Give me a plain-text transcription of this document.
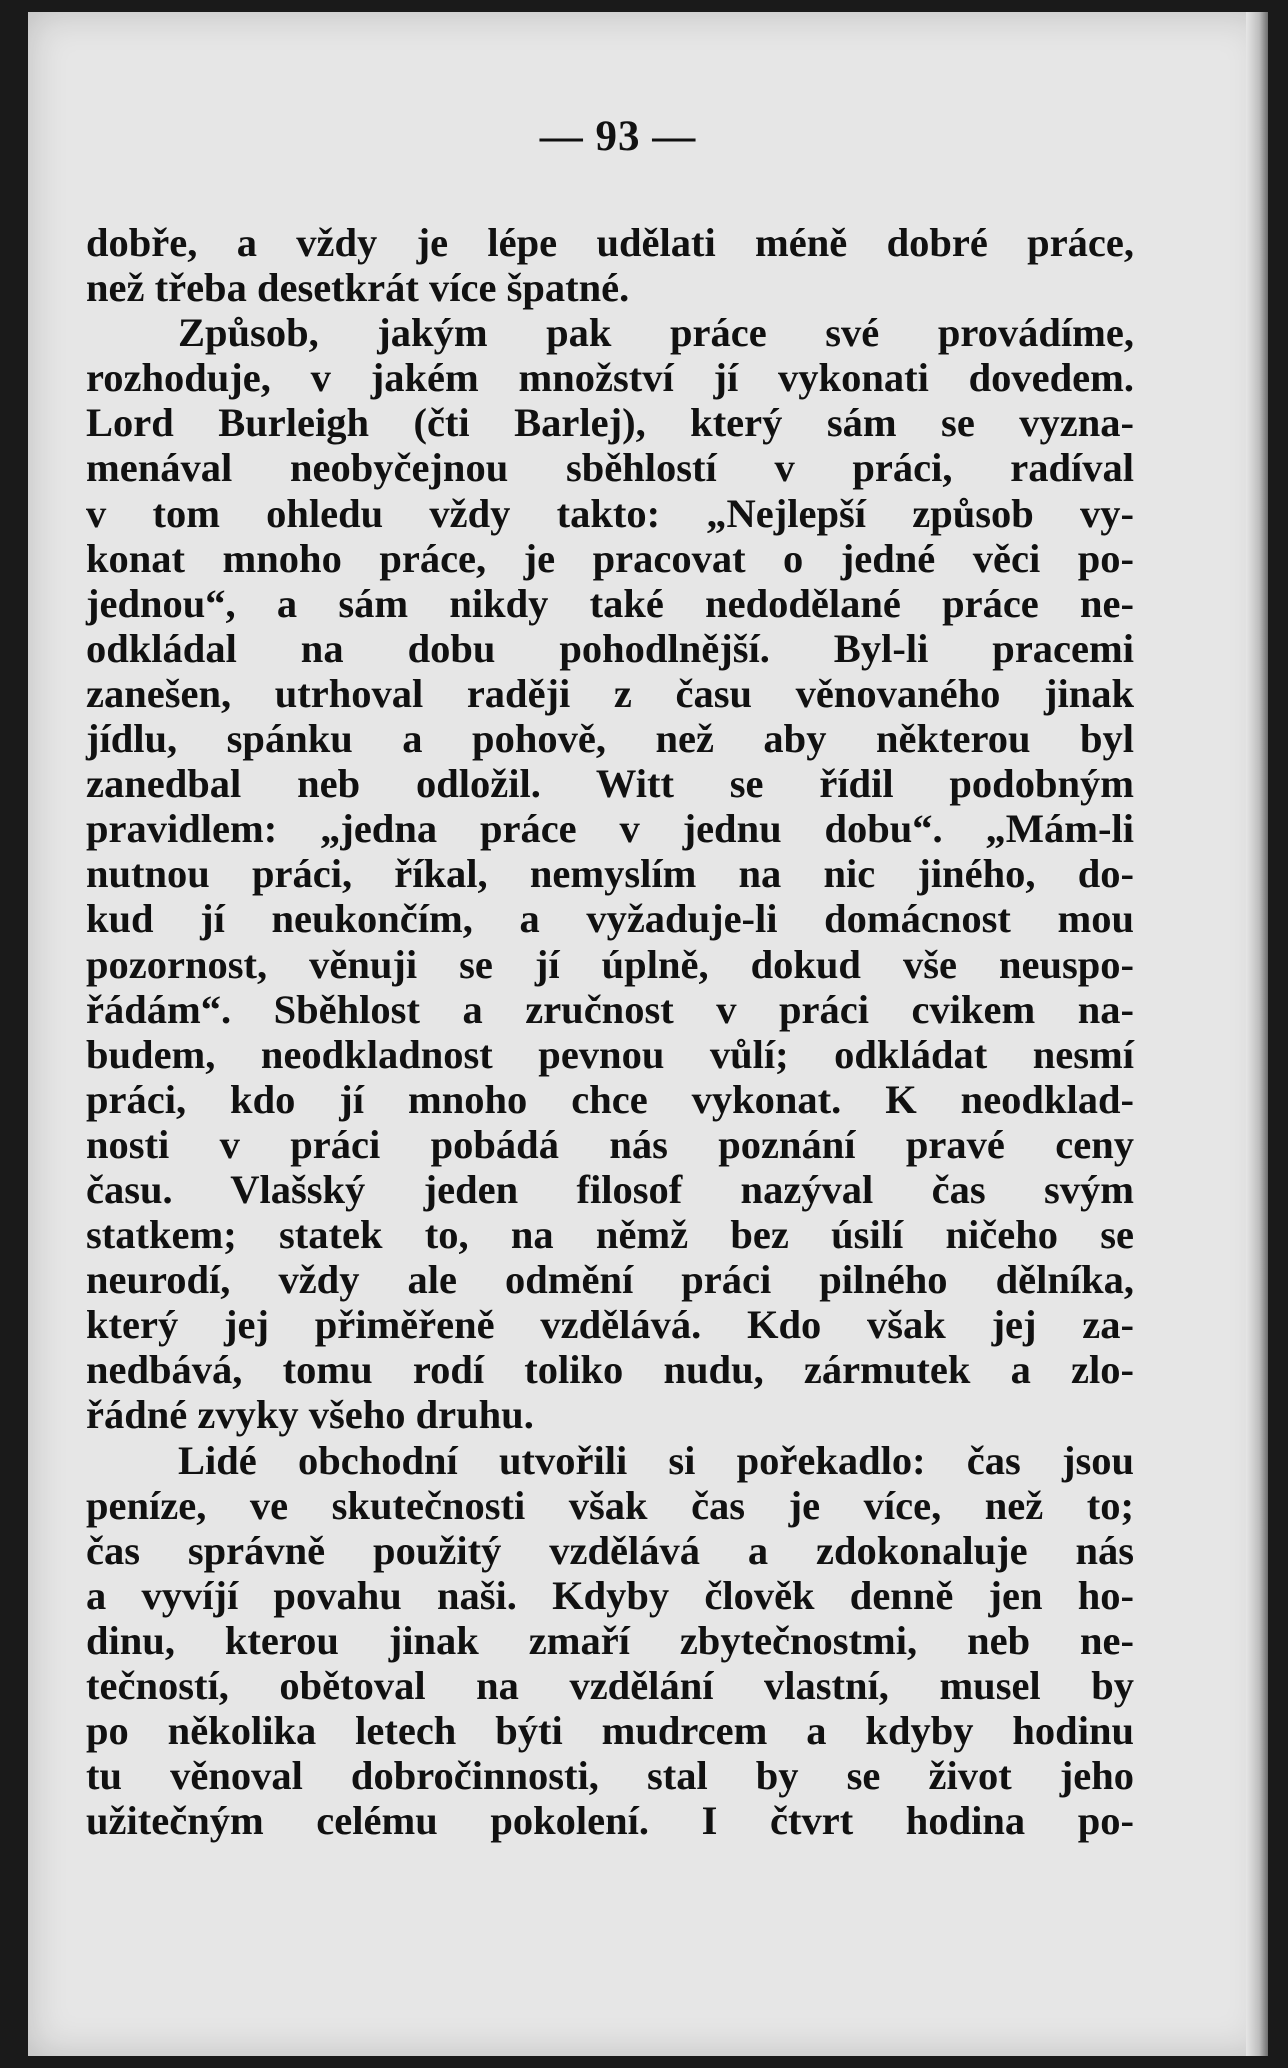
— 93 —
dobře, a vždy je lépe udělati méně dobré práce,
než třeba desetkrát více špatné.
Způsob, jakým pak práce své provádíme,
rozhoduje, v jakém množství jí vykonati dovedem.
Lord Burleigh (čti Barlej), který sám se vyzna-
menával neobyčejnou sběhlostí v práci, radíval
v tom ohledu vždy takto: „Nejlepší způsob vy-
konat mnoho práce, je pracovat o jedné věci po-
jednou“, a sám nikdy také nedodělané práce ne-
odkládal na dobu pohodlnější. Byl-li pracemi
zanešen, utrhoval raději z času věnovaného jinak
jídlu, spánku a pohově, než aby některou byl
zanedbal neb odložil. Witt se řídil podobným
pravidlem: „jedna práce v jednu dobu“. „Mám-li
nutnou práci, říkal, nemyslím na nic jiného, do-
kud jí neukončím, a vyžaduje-li domácnost mou
pozornost, věnuji se jí úplně, dokud vše neuspo-
řádám“. Sběhlost a zručnost v práci cvikem na-
budem, neodkladnost pevnou vůlí; odkládat nesmí
práci, kdo jí mnoho chce vykonat. K neodklad-
nosti v práci pobádá nás poznání pravé ceny
času. Vlašský jeden filosof nazýval čas svým
statkem; statek to, na němž bez úsilí ničeho se
neurodí, vždy ale odmění práci pilného dělníka,
který jej přiměřeně vzdělává. Kdo však jej za-
nedbává, tomu rodí toliko nudu, zármutek a zlo-
řádné zvyky všeho druhu.
Lidé obchodní utvořili si pořekadlo: čas jsou
peníze, ve skutečnosti však čas je více, než to;
čas správně použitý vzdělává a zdokonaluje nás
a vyvíjí povahu naši. Kdyby člověk denně jen ho-
dinu, kterou jinak zmaří zbytečnostmi, neb ne-
tečností, obětoval na vzdělání vlastní, musel by
po několika letech býti mudrcem a kdyby hodinu
tu věnoval dobročinnosti, stal by se život jeho
užitečným celému pokolení. I čtvrt hodina po-
